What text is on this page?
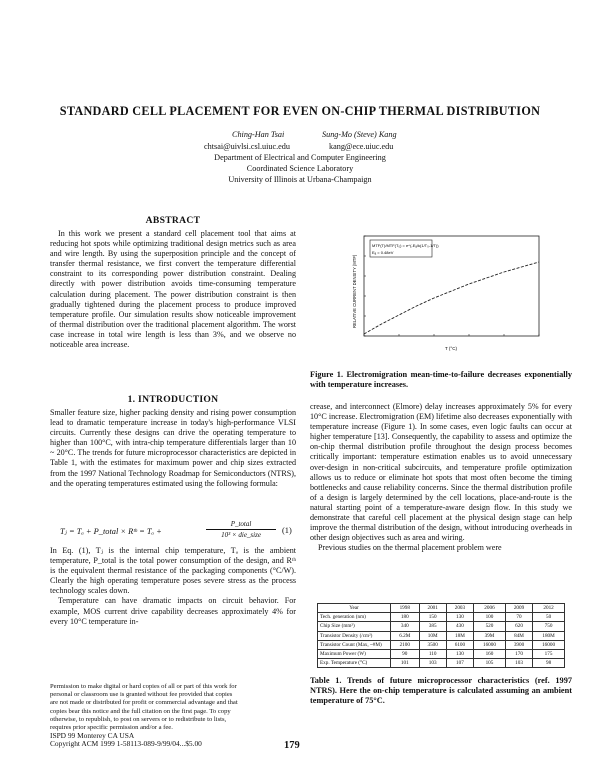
STANDARD CELL PLACEMENT FOR EVEN ON-CHIP THERMAL DISTRIBUTION
Ching-Han Tsai	Sung-Mo (Steve) Kang
chtsai@uivlsi.csl.uiuc.edu	kang@ece.uiuc.edu
Department of Electrical and Computer Engineering
Coordinated Science Laboratory
University of Illinois at Urbana-Champaign
ABSTRACT

In this work we present a standard cell placement tool that aims at reducing hot spots while optimizing traditional design metrics such as area and wire length. By using the superposition principle and the concept of transfer thermal resistance, we first convert the temperature differential constraint to its corresponding power distribution constraint. Dealing directly with power distribution avoids time-consuming temperature calculation during placement. The power distribution constraint is then gradually tightened during the placement process to produce improved temperature profile. Our simulation results show noticeable improvement of thermal distribution over the traditional placement algorithm. The worst case increase in total wire length is less than 3%, and we observe no noticeable area increase.

1. INTRODUCTION

Smaller feature size, higher packing density and rising power consumption lead to dramatic temperature increase in today's high-performance VLSI circuits. Currently these designs can drive the operating temperature to higher than 100°C, with intra-chip temperature differentials larger than 10 ~ 20°C. The trends for future microprocessor characteristics are depicted in Table 1, with the estimates for maximum power and chip sizes extracted from the 1997 National Technology Roadmap for Semiconductors (NTRS), and the operating temperatures estimated using the following formula:

Tⱼ = Tₐ + P_total × Rᵗʰ = Tₐ +
P_total
10³ × die_size	(1)

In Eq. (1), Tⱼ is the internal chip temperature, Tₐ is the ambient temperature, P_total is the total power consumption of the design, and Rᵗʰ is the equivalent thermal resistance of the packaging components (°C/W). Clearly the high operating temperature poses severe stress as the process technology scales down.

Temperature can have dramatic impacts on circuit behavior. For example, MOS current drive capability decreases approximately 4% for every 10°C temperature in-

Permission to make digital or hard copies of all or part of this work for
personal or classroom use is granted without fee provided that copies
are not made or distributed for profit or commercial advantage and that
copies bear this notice and the full citation on the first page. To copy
otherwise, to republish, to post on servers or to redistribute to lists,
requires prior specific permission and/or a fee.
ISPD 99 Monterey CA USA
Copyright ACM 1999 1-58113-089-9/99/04...$5.00
MTF(T)/MTF(T₀) = e^(-Eₐ/k(1/T₀-1/T))
Eₐ = 0.48eV
RELATIVE CURRENT DENSITY (MTF)
T (°C)
Figure 1. Electromigration mean-time-to-failure decreases exponentially with temperature increases.

crease, and interconnect (Elmore) delay increases approximately 5% for every 10°C increase. Electromigration (EM) lifetime also decreases exponentially with temperature increase (Figure 1). In some cases, even logic faults can occur at higher temperature [13]. Consequently, the capability to assess and optimize the on-chip thermal distribution profile throughout the design process becomes critically important: temperature estimation enables us to avoid unnecessary over-design in non-critical subcircuits, and temperature profile optimization allows us to reduce or eliminate hot spots that most often become the timing bottlenecks and cause reliability concerns. Since the thermal distribution profile of a design is largely determined by the cell locations, place-and-route is the natural starting point of a temperature-aware design flow. In this study we demonstrate that careful cell placement at the physical design stage can help improve the thermal distribution of the design, without introducing overheads in other design objectives such as area and wiring.

Previous studies on the thermal placement problem were

Year	1998	2001	2003	2006	2009	2012
Tech. generation (nm)	180	150	130	100	70	50
Chip Size (mm²)	340	385	430	520	620	750
Transistor Density (/cm²)	6.2M	10M	18M	39M	84M	180M
Transistor Count (Max, ~#M)	2100	3500	6100	16000	3900	16000
Maximum Power (W)	90	110	130	160	170	175
Exp. Temperature (°C)	101	103	107	105	103	98
Table 1. Trends of future microprocessor characteristics (ref. 1997 NTRS). Here the on-chip temperature is calculated assuming an ambient temperature of 75°C.
179
